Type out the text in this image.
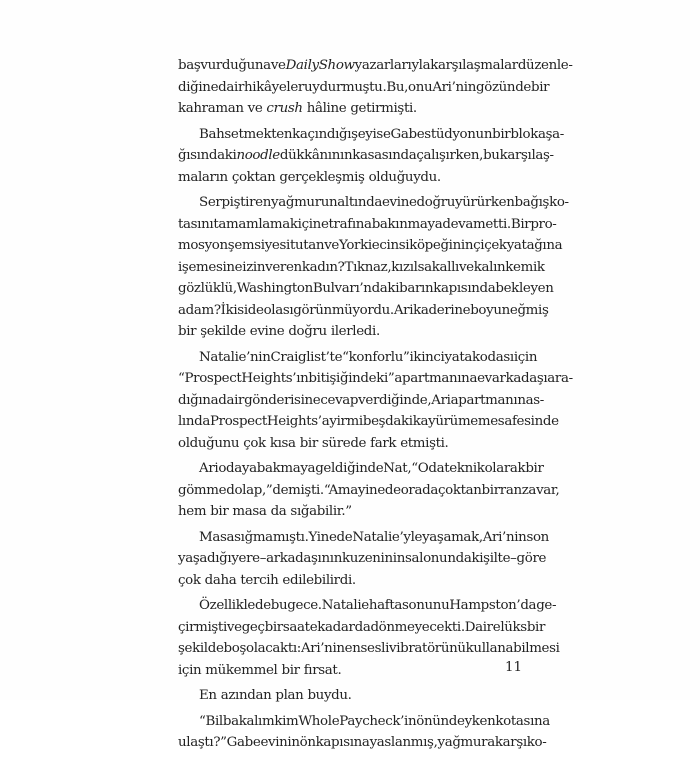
başvurduğuna ve Daily Show yazarlarıyla karşılaşmalar düzenle-
diğine dair hikâyeler uydurmuştu. Bu, onu Ari’nin gözünde bir
kahraman ve crush hâline getirmişti.
Bahsetmekten kaçındığı şey ise Gabe stüdyonun bir blok aşa-
ğısındaki noodle dükkânının kasasında çalışırken, bu karşılaş-
maların çoktan gerçekleşmiş olduğuydu.
Serpiştiren yağmurun altında evine doğru yürürken bağış ko-
tasını tamamlamak için etrafına bakınmaya devam etti. Bir pro-
mosyon şemsiyesi tutan ve Yorkie cinsi köpeğinin çiçek yatağına
işemesine izin veren kadın? Tıknaz, kızıl sakallı ve kalın kemik
gözlüklü, Washington Bulvarı’ndaki barın kapısında bekleyen
adam? İkisi de olası görünmüyordu. Ari kaderine boyun eğmiş
bir şekilde evine doğru ilerledi.
Natalie’nin Craiglist’te “konforlu” ikinci yatak odası için
“Prospect Heights’ın bitişiğindeki” apartmanına ev arkadaşı ara-
dığına dair gönderisine cevap verdiğinde, Ari apartmanın as-
lında Prospect Heights’a yirmi beş dakika yürüme mesafesinde
olduğunu çok kısa bir sürede fark etmişti.
Ari odaya bakmaya geldiğinde Nat, “Oda teknik olarak bir
gömme dolap,” demişti. “Ama yine de orada çoktan bir ranza var,
hem bir masa da sığabilir.”
Masa sığmamıştı. Yine de Natalie’yle yaşamak, Ari’nin son
yaşadığı yere –arkadaşının kuzeninin salonundaki şilte– göre
çok daha tercih edilebilirdi.
Özellikle de bu gece. Natalie hafta sonunu Hampston’da ge-
çirmişti ve geç bir saate kadar da dönmeyecekti. Daire lüks bir
şekilde boş olacaktı: Ari’nin en sesli vibratörünü kullanabilmesi
için mükemmel bir fırsat.
En azından plan buydu.
“Bil bakalım kim Whole Paycheck’in önündeyken kotasına
ulaştı?” Gabe evinin ön kapısına yaslanmış, yağmura karşı ko-
11
